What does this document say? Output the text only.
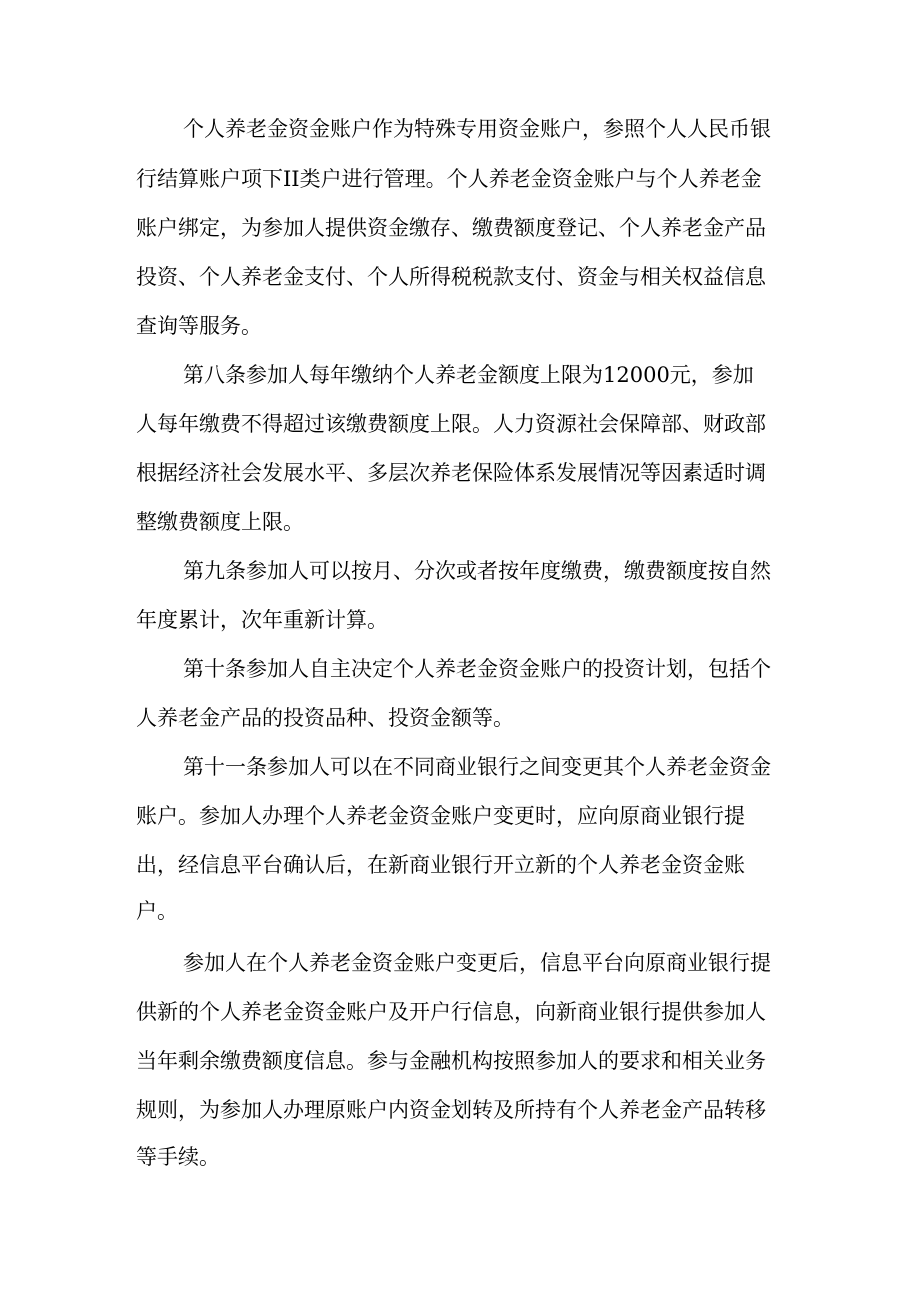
个人养老金资金账户作为特殊专用资金账户，参照个人人民币银
行结算账户项下II类户进行管理。个人养老金资金账户与个人养老金
账户绑定，为参加人提供资金缴存、缴费额度登记、个人养老金产品
投资、个人养老金支付、个人所得税税款支付、资金与相关权益信息
查询等服务。
第八条参加人每年缴纳个人养老金额度上限为12000元，参加
人每年缴费不得超过该缴费额度上限。人力资源社会保障部、财政部
根据经济社会发展水平、多层次养老保险体系发展情况等因素适时调
整缴费额度上限。
第九条参加人可以按月、分次或者按年度缴费，缴费额度按自然
年度累计，次年重新计算。
第十条参加人自主决定个人养老金资金账户的投资计划，包括个
人养老金产品的投资品种、投资金额等。
第十一条参加人可以在不同商业银行之间变更其个人养老金资金
账户。参加人办理个人养老金资金账户变更时，应向原商业银行提
出，经信息平台确认后，在新商业银行开立新的个人养老金资金账
户。
参加人在个人养老金资金账户变更后，信息平台向原商业银行提
供新的个人养老金资金账户及开户行信息，向新商业银行提供参加人
当年剩余缴费额度信息。参与金融机构按照参加人的要求和相关业务
规则，为参加人办理原账户内资金划转及所持有个人养老金产品转移
等手续。
